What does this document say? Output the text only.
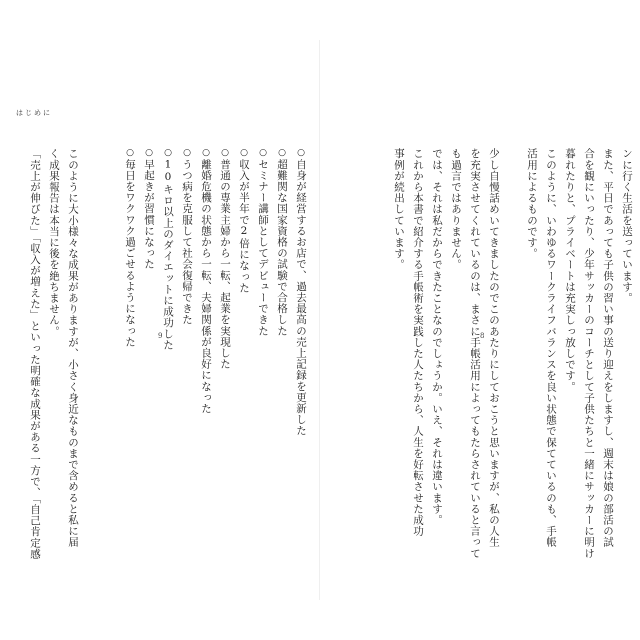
はじめに
○自身が経営するお店で、過去最高の売上記録を更新した
○超難関な国家資格の試験で合格した
○セミナー講師としてデビューできた
○収入が半年で2倍になった
○普通の専業主婦から一転、起業を実現した
○離婚危機の状態から一転、夫婦関係が良好になった
○うつ病を克服して社会復帰できた
○10キロ以上のダイエットに成功した
○早起きが習慣になった
○毎日をワクワク過ごせるようになった
このように大小様々な成果がありますが、小さく身近なものまで含めると私に届
く成果報告は本当に後を絶ちません。
「売上が伸びた」「収入が増えた」といった明確な成果がある一方で、「自己肯定感	9
ンに行く生活を送っています。
また、平日であっても子供の習い事の送り迎えをしますし、週末は娘の部活の試
合を観にいったり、少年サッカーのコーチとして子供たちと一緒にサッカーに明け
暮れたりと、プライベートは充実しっ放しです。
このように、いわゆるワークライフバランスを良い状態で保てているのも、手帳
活用によるものです。
少し自慢話めいてきましたのでこのあたりにしておこうと思いますが、私の人生
を充実させてくれているのは、まさに手帳活用によってもたらされていると言って
も過言ではありません。
では、それは私だからできたことなのでしょうか。いえ、それは違います。
これから本書で紹介する手帳術を実践した人たちから、人生を好転させた成功
事例が続出しています。
8
